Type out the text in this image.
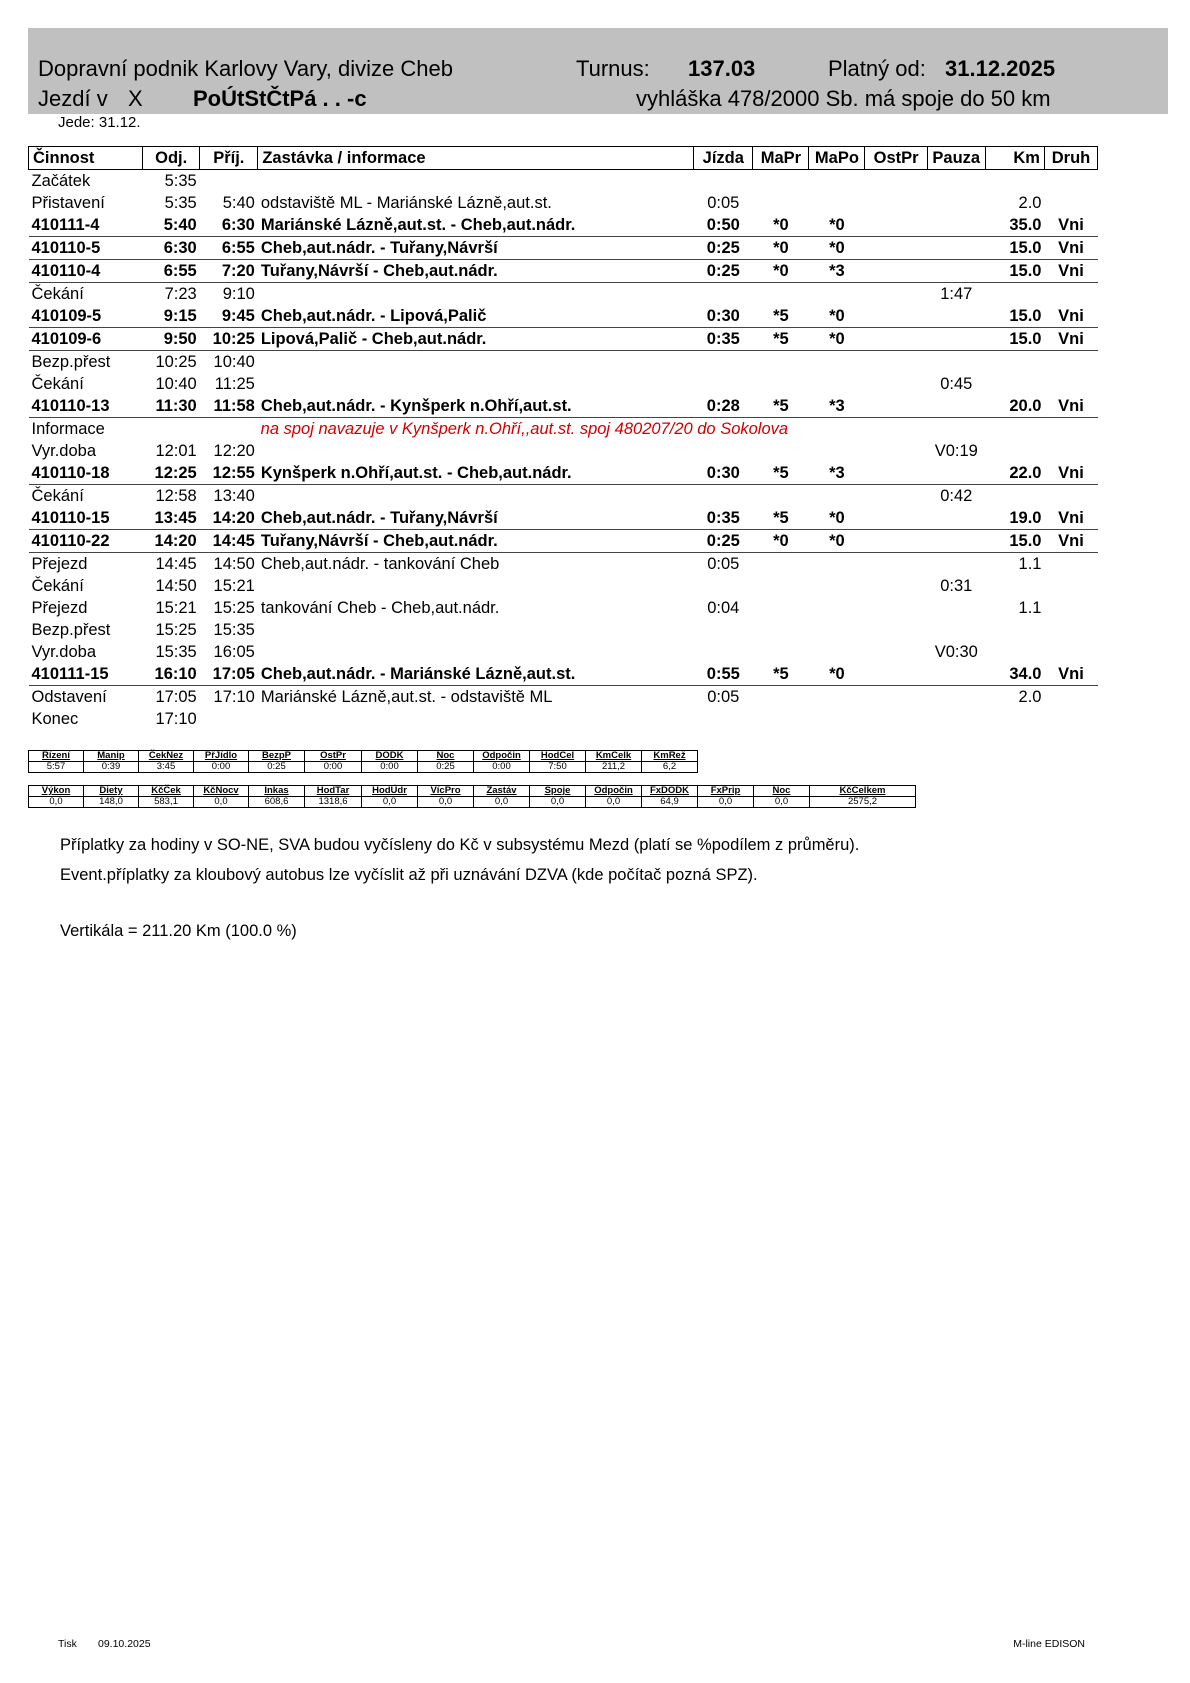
Dopravní podnik Karlovy Vary, divize Cheb	Turnus: 137.03	Platný od: 31.12.2025
Jezdí v X PoÚtStČtPá . . -c	vyhláška 478/2000 Sb. má spoje do 50 km
Jede: 31.12.
Činnost	Odj.	Příj.	Zastávka / informace	Jízda	MaPr	MaPo	OstPr	Pauza	Km	Druh
Začátek	5:35									
Přistavení	5:35	5:40	odstaviště ML - Mariánské Lázně,aut.st.	0:05					2.0	
410111-4	5:40	6:30	Mariánské Lázně,aut.st. - Cheb,aut.nádr.	0:50	*0	*0			35.0	Vni
410110-5	6:30	6:55	Cheb,aut.nádr. - Tuřany,Návrší	0:25	*0	*0			15.0	Vni
410110-4	6:55	7:20	Tuřany,Návrší - Cheb,aut.nádr.	0:25	*0	*3			15.0	Vni
Čekání	7:23	9:10						1:47		
410109-5	9:15	9:45	Cheb,aut.nádr. - Lipová,Palič	0:30	*5	*0			15.0	Vni
410109-6	9:50	10:25	Lipová,Palič - Cheb,aut.nádr.	0:35	*5	*0			15.0	Vni
Bezp.přest	10:25	10:40								
Čekání	10:40	11:25						0:45		
410110-13	11:30	11:58	Cheb,aut.nádr. - Kynšperk n.Ohří,aut.st.	0:28	*5	*3			20.0	Vni
Informace	na spoj navazuje v Kynšperk n.Ohří,,aut.st. spoj 480207/20 do Sokolova									
Vyr.doba	12:01	12:20						V0:19		
410110-18	12:25	12:55	Kynšperk n.Ohří,aut.st. - Cheb,aut.nádr.	0:30	*5	*3			22.0	Vni
Čekání	12:58	13:40						0:42		
410110-15	13:45	14:20	Cheb,aut.nádr. - Tuřany,Návrší	0:35	*5	*0			19.0	Vni
410110-22	14:20	14:45	Tuřany,Návrší - Cheb,aut.nádr.	0:25	*0	*0			15.0	Vni
Přejezd	14:45	14:50	Cheb,aut.nádr. - tankování Cheb	0:05					1.1	
Čekání	14:50	15:21						0:31		
Přejezd	15:21	15:25	tankování Cheb - Cheb,aut.nádr.	0:04					1.1	
Bezp.přest	15:25	15:35								
Vyr.doba	15:35	16:05						V0:30		
410111-15	16:10	17:05	Cheb,aut.nádr. - Mariánské Lázně,aut.st.	0:55	*5	*0			34.0	Vni
Odstavení	17:05	17:10	Mariánské Lázně,aut.st. - odstaviště ML	0:05					2.0	
Konec	17:10									
Řízení	Manip	ČekNez	PřJídlo	BezpP	OstPr	DODK	Noc	Odpočin	HodCel	KmCelk	KmRež
5:57	0:39	3:45	0:00	0:25	0:00	0:00	0:25	0:00	7:50	211,2	6,2
Výkon	Diety	KčČek	KčNocv	Inkas	HodTar	HodÚdr	VícPro	Zastáv	Spoje	Odpočin	FxDODK	FxPrip	Noc	KčCelkem
0,0	148,0	583,1	0,0	608,6	1318,6	0,0	0,0	0,0	0,0	0,0	64,9	0,0	0,0	2575,2
Příplatky za hodiny v SO-NE, SVA budou vyčísleny do Kč v subsystému Mezd (platí se %podílem z průměru).
Event.příplatky za kloubový autobus lze vyčíslit až při uznávání DZVA (kde počítač pozná SPZ).
Vertikála = 211.20 Km (100.0 %)
Tisk 09.10.2025	M-line EDISON
